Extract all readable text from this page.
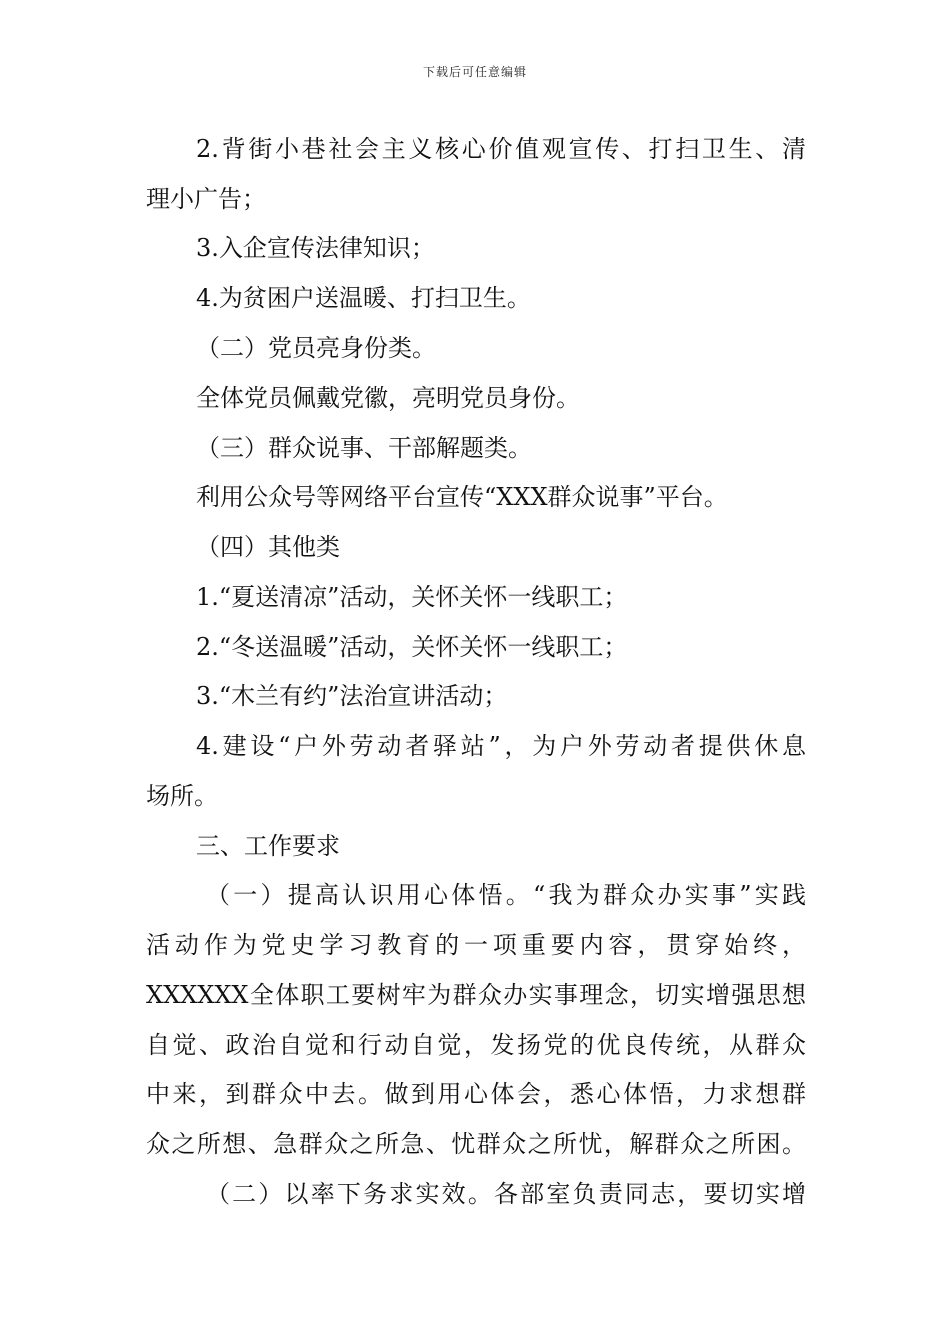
下载后可任意编辑
2.背街小巷社会主义核心价值观宣传、打扫卫生、清
理小广告；
3.入企宣传法律知识；
4.为贫困户送温暖、打扫卫生。
（二）党员亮身份类。
全体党员佩戴党徽，亮明党员身份。
（三）群众说事、干部解题类。
利用公众号等网络平台宣传“XXX群众说事”平台。
（四）其他类
1.“夏送清凉”活动，关怀关怀一线职工；
2.“冬送温暖”活动，关怀关怀一线职工；
3.“木兰有约”法治宣讲活动；
4.建设“户外劳动者驿站”，为户外劳动者提供休息
场所。
三、工作要求
（一）提高认识用心体悟。“我为群众办实事”实践
活动作为党史学习教育的一项重要内容，贯穿始终，
XXXXXX全体职工要树牢为群众办实事理念，切实增强思想
自觉、政治自觉和行动自觉，发扬党的优良传统，从群众
中来，到群众中去。做到用心体会，悉心体悟，力求想群
众之所想、急群众之所急、忧群众之所忧，解群众之所困。
（二）以率下务求实效。各部室负责同志，要切实增
